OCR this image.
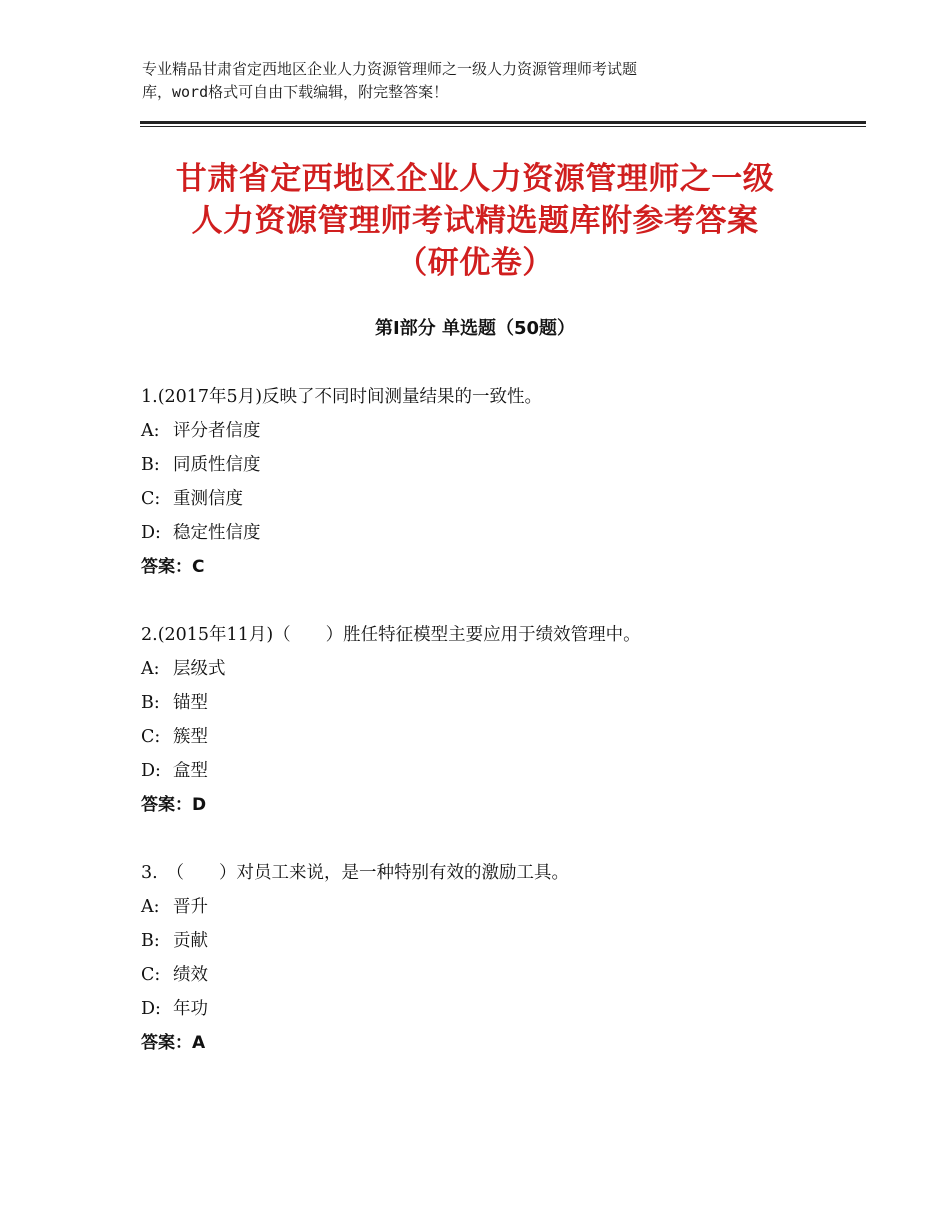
专业精品甘肃省定西地区企业人力资源管理师之一级人力资源管理师考试题
库，word格式可自由下载编辑，附完整答案！
甘肃省定西地区企业人力资源管理师之一级
人力资源管理师考试精选题库附参考答案
（研优卷）
第Ⅰ部分 单选题（50题）
1.(2017年5月)反映了不同时间测量结果的一致性。
A: 评分者信度
B: 同质性信度
C: 重测信度
D: 稳定性信度
答案：C
2.(2015年11月)（　　）胜任特征模型主要应用于绩效管理中。
A: 层级式
B: 锚型
C: 簇型
D: 盒型
答案：D
3.　（　　）对员工来说，是一种特别有效的激励工具。
A: 晋升
B: 贡献
C: 绩效
D: 年功
答案：A
